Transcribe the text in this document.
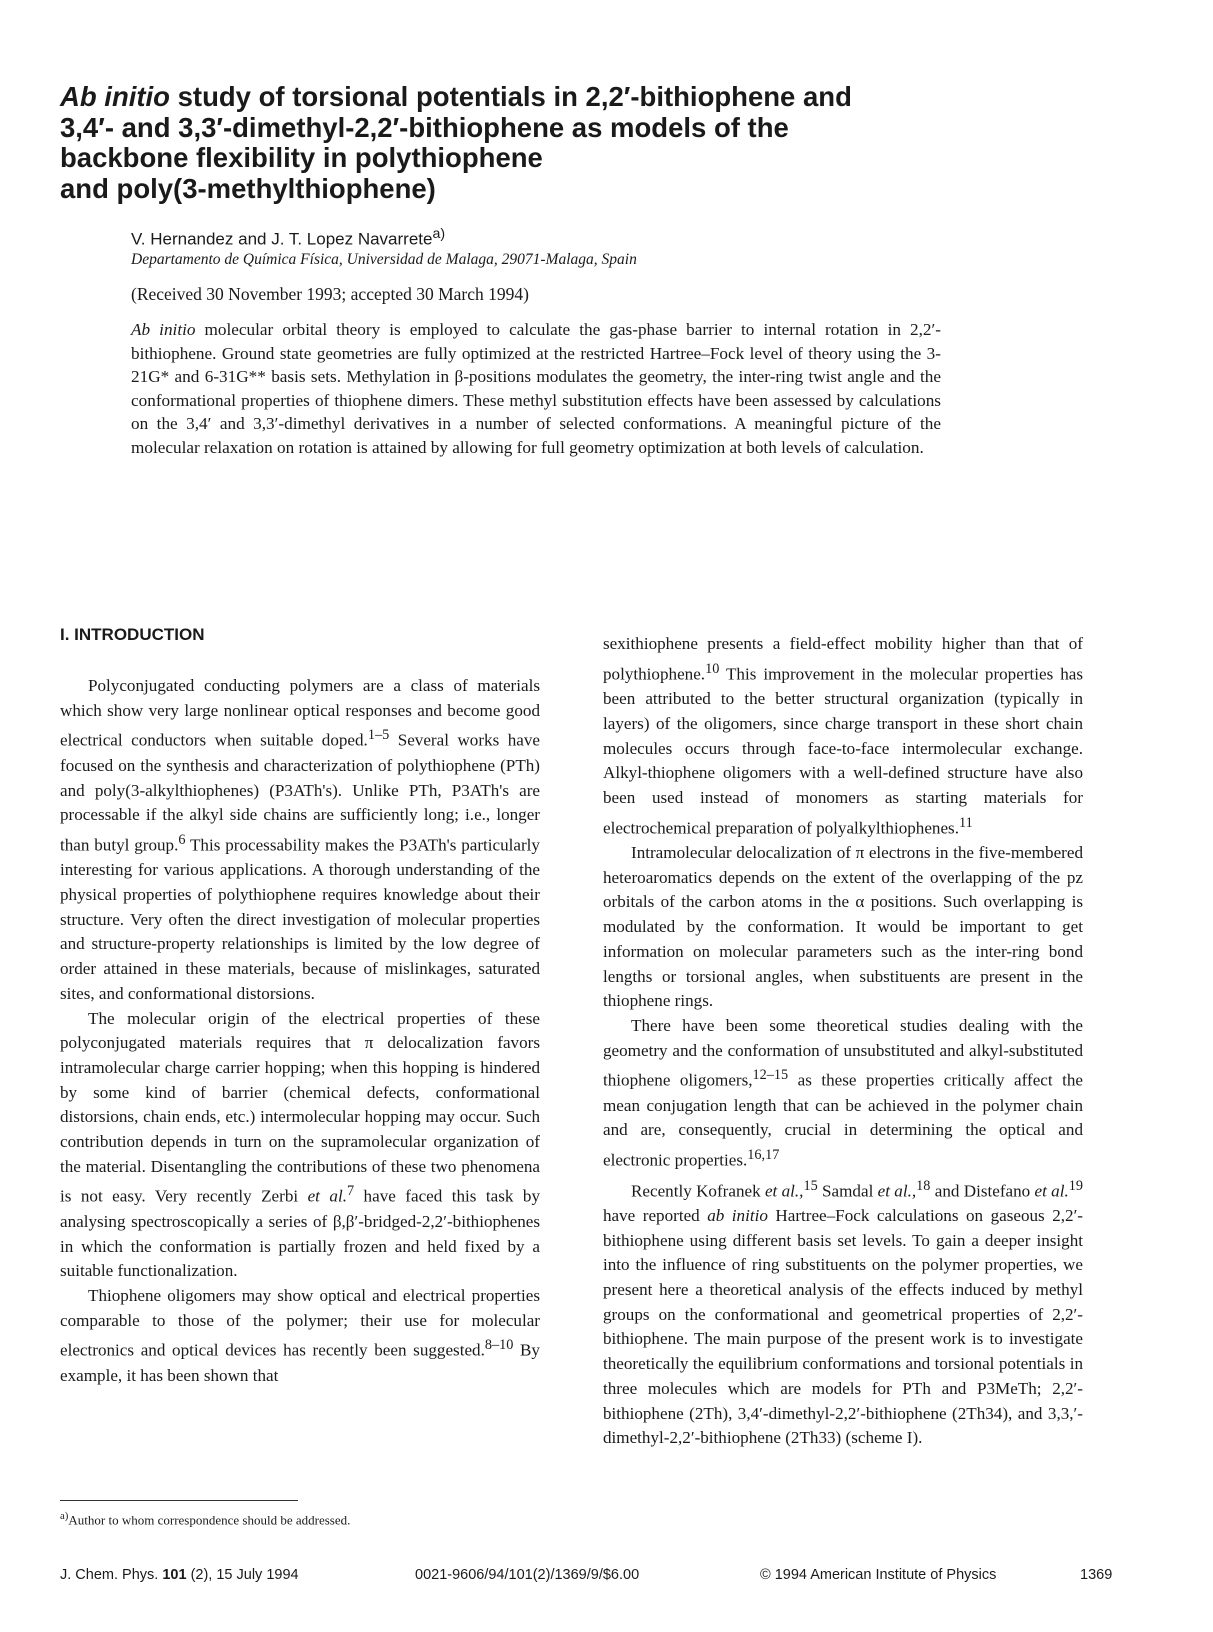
Ab initio study of torsional potentials in 2,2′-bithiophene and
3,4′- and 3,3′-dimethyl-2,2′-bithiophene as models of the
backbone flexibility in polythiophene
and poly(3-methylthiophene)
V. Hernandez and J. T. Lopez Navarrete$^{a)}$
Departamento de Química Física, Universidad de Malaga, 29071-Malaga, Spain
(Received 30 November 1993; accepted 30 March 1994)
Ab initio molecular orbital theory is employed to calculate the gas-phase barrier to internal rotation in 2,2′-bithiophene. Ground state geometries are fully optimized at the restricted Hartree–Fock level of theory using the 3-21G* and 6-31G** basis sets. Methylation in β-positions modulates the geometry, the inter-ring twist angle and the conformational properties of thiophene dimers. These methyl substitution effects have been assessed by calculations on the 3,4′ and 3,3′-dimethyl derivatives in a number of selected conformations. A meaningful picture of the molecular relaxation on rotation is attained by allowing for full geometry optimization at both levels of calculation.
I. INTRODUCTION

Polyconjugated conducting polymers are a class of materials which show very large nonlinear optical responses and become good electrical conductors when suitable doped.$^{1-5}$ Several works have focused on the synthesis and characterization of polythiophene (PTh) and poly(3-alkylthiophenes) (P3ATh's). Unlike PTh, P3ATh's are processable if the alkyl side chains are sufficiently long; i.e., longer than butyl group.$^6$ This processability makes the P3ATh's particularly interesting for various applications. A thorough understanding of the physical properties of polythiophene requires knowledge about their structure. Very often the direct investigation of molecular properties and structure-property relationships is limited by the low degree of order attained in these materials, because of mislinkages, saturated sites, and conformational distorsions.

The molecular origin of the electrical properties of these polyconjugated materials requires that π delocalization favors intramolecular charge carrier hopping; when this hopping is hindered by some kind of barrier (chemical defects, conformational distorsions, chain ends, etc.) intermolecular hopping may occur. Such contribution depends in turn on the supramolecular organization of the material. Disentangling the contributions of these two phenomena is not easy. Very recently Zerbi et al.$^7$ have faced this task by analysing spectroscopically a series of β,β′-bridged-2,2′-bithiophenes in which the conformation is partially frozen and held fixed by a suitable functionalization.

Thiophene oligomers may show optical and electrical properties comparable to those of the polymer; their use for molecular electronics and optical devices has recently been suggested.$^{8-10}$ By example, it has been shown that

sexithiophene presents a field-effect mobility higher than that of polythiophene.$^{10}$ This improvement in the molecular properties has been attributed to the better structural organization (typically in layers) of the oligomers, since charge transport in these short chain molecules occurs through face-to-face intermolecular exchange. Alkyl-thiophene oligomers with a well-defined structure have also been used instead of monomers as starting materials for electrochemical preparation of polyalkylthiophenes.$^{11}$

Intramolecular delocalization of π electrons in the five-membered heteroaromatics depends on the extent of the overlapping of the pz orbitals of the carbon atoms in the α positions. Such overlapping is modulated by the conformation. It would be important to get information on molecular parameters such as the inter-ring bond lengths or torsional angles, when substituents are present in the thiophene rings.

There have been some theoretical studies dealing with the geometry and the conformation of unsubstituted and alkyl-substituted thiophene oligomers,$^{12-15}$ as these properties critically affect the mean conjugation length that can be achieved in the polymer chain and are, consequently, crucial in determining the optical and electronic properties.$^{16,17}$

Recently Kofranek et al.,$^{15}$ Samdal et al.,$^{18}$ and Distefano et al.$^{19}$ have reported ab initio Hartree–Fock calculations on gaseous 2,2′-bithiophene using different basis set levels. To gain a deeper insight into the influence of ring substituents on the polymer properties, we present here a theoretical analysis of the effects induced by methyl groups on the conformational and geometrical properties of 2,2′-bithiophene. The main purpose of the present work is to investigate theoretically the equilibrium conformations and torsional potentials in three molecules which are models for PTh and P3MeTh; 2,2′-bithiophene (2Th), 3,4′-dimethyl-2,2′-bithiophene (2Th34), and 3,3,′-dimethyl-2,2′-bithiophene (2Th33) (scheme I).

$^{a)}$Author to whom correspondence should be addressed.
J. Chem. Phys. 101 (2), 15 July 1994	0021-9606/94/101(2)/1369/9/$6.00	© 1994 American Institute of Physics	1369
